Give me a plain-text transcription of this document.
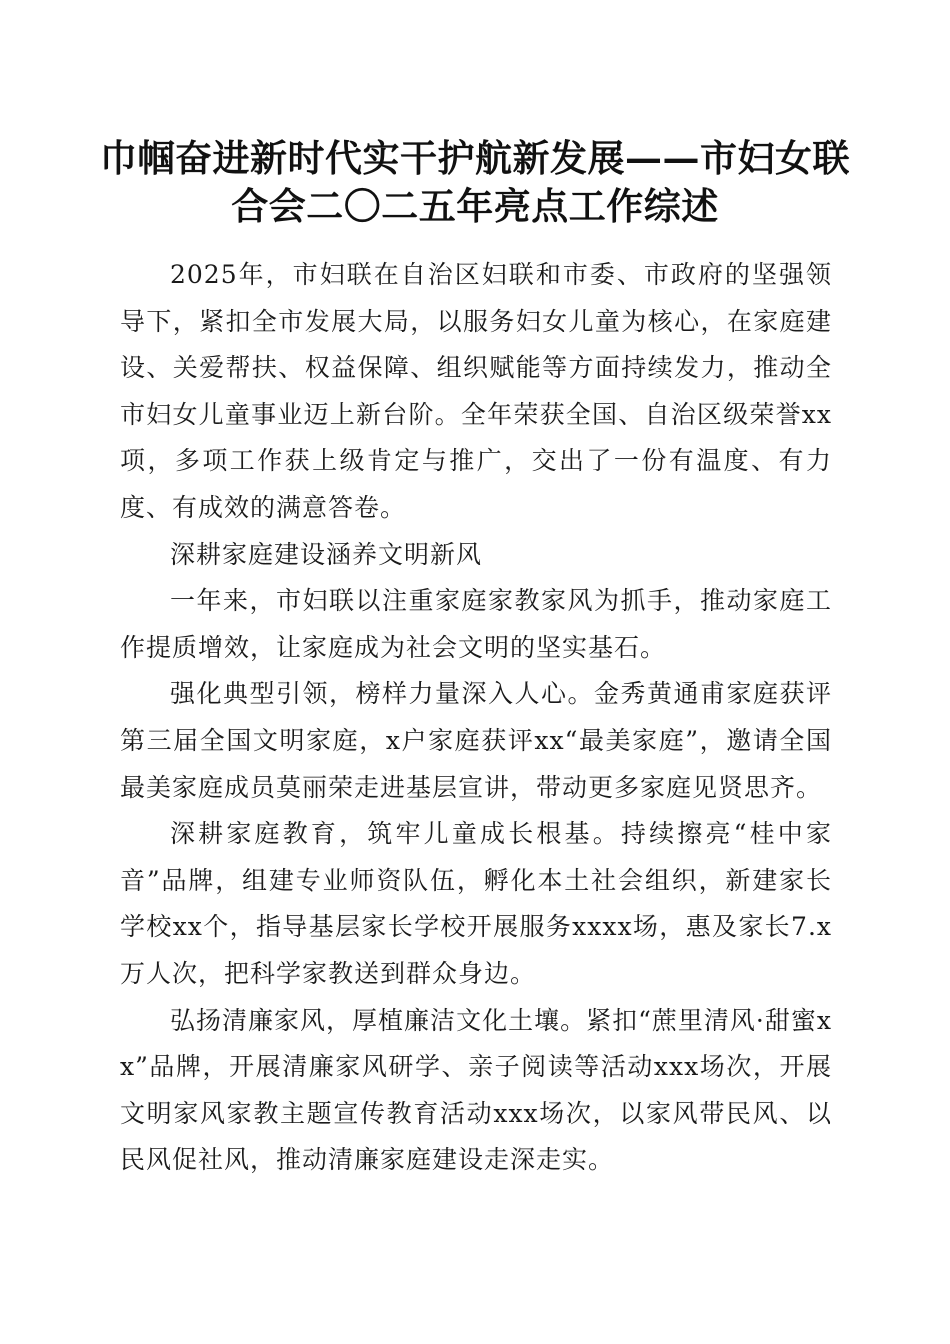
巾帼奋进新时代实干护航新发展——市妇女联
合会二〇二五年亮点工作综述

2025年，市妇联在自治区妇联和市委、市政府的坚强领导下，紧扣全市发展大局，以服务妇女儿童为核心，在家庭建设、关爱帮扶、权益保障、组织赋能等方面持续发力，推动全市妇女儿童事业迈上新台阶。全年荣获全国、自治区级荣誉xx项，多项工作获上级肯定与推广，交出了一份有温度、有力度、有成效的满意答卷。

深耕家庭建设涵养文明新风

一年来，市妇联以注重家庭家教家风为抓手，推动家庭工作提质增效，让家庭成为社会文明的坚实基石。

强化典型引领，榜样力量深入人心。金秀黄通甫家庭获评第三届全国文明家庭，x户家庭获评xx“最美家庭”，邀请全国最美家庭成员莫丽荣走进基层宣讲，带动更多家庭见贤思齐。

深耕家庭教育，筑牢儿童成长根基。持续擦亮“桂中家音”品牌，组建专业师资队伍，孵化本土社会组织，新建家长学校xx个，指导基层家长学校开展服务xxxx场，惠及家长7.x万人次，把科学家教送到群众身边。

弘扬清廉家风，厚植廉洁文化土壤。紧扣“蔗里清风·甜蜜xx”品牌，开展清廉家风研学、亲子阅读等活动xxx场次，开展文明家风家教主题宣传教育活动xxx场次，以家风带民风、以民风促社风，推动清廉家庭建设走深走实。
